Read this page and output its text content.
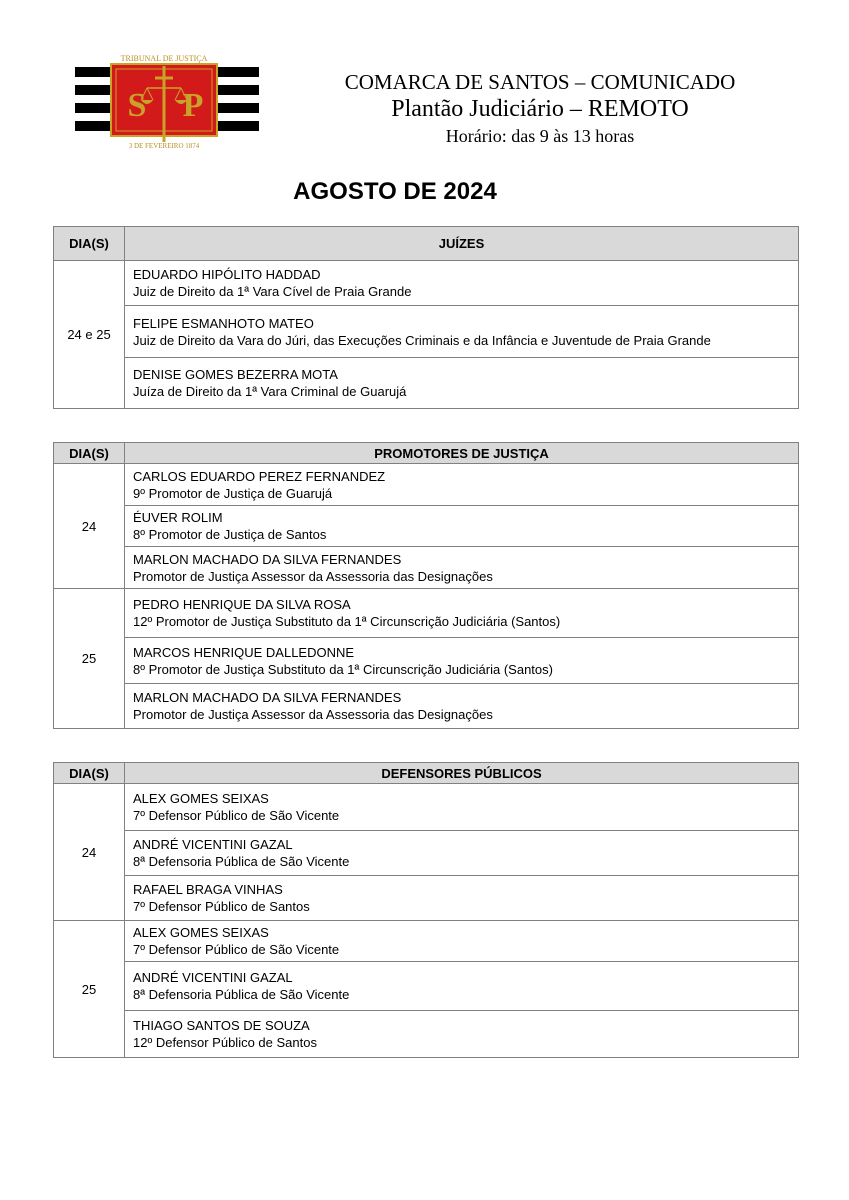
S P
TRIBUNAL DE JUSTIÇA
3 DE FEVEREIRO 1874
COMARCA DE SANTOS – COMUNICADO
Plantão Judiciário – REMOTO
Horário: das 9 às 13 horas
AGOSTO DE 2024
DIA(S)	JUÍZES
24 e 25	EDUARDO HIPÓLITO HADDAD
Juiz de Direito da 1ª Vara Cível de Praia Grande

	FELIPE ESMANHOTO MATEO
Juiz de Direito da Vara do Júri, das Execuções Criminais e da Infância e Juventude de Praia Grande

	DENISE GOMES BEZERRA MOTA
Juíza de Direito da 1ª Vara Criminal de Guarujá
DIA(S)	PROMOTORES DE JUSTIÇA
24	CARLOS EDUARDO PEREZ FERNANDEZ
9º Promotor de Justiça de Guarujá

	ÉUVER ROLIM
8º Promotor de Justiça de Santos

	MARLON MACHADO DA SILVA FERNANDES
Promotor de Justiça Assessor da Assessoria das Designações

25	PEDRO HENRIQUE DA SILVA ROSA
12º Promotor de Justiça Substituto da 1ª Circunscrição Judiciária (Santos)

	MARCOS HENRIQUE DALLEDONNE
8º Promotor de Justiça Substituto da 1ª Circunscrição Judiciária (Santos)

	MARLON MACHADO DA SILVA FERNANDES
Promotor de Justiça Assessor da Assessoria das Designações
DIA(S)	DEFENSORES PÚBLICOS
24	ALEX GOMES SEIXAS
7º Defensor Público de São Vicente

	ANDRÉ VICENTINI GAZAL
8ª Defensoria Pública de São Vicente

	RAFAEL BRAGA VINHAS
7º Defensor Público de Santos

25	ALEX GOMES SEIXAS
7º Defensor Público de São Vicente

	ANDRÉ VICENTINI GAZAL
8ª Defensoria Pública de São Vicente

	THIAGO SANTOS DE SOUZA
12º Defensor Público de Santos
